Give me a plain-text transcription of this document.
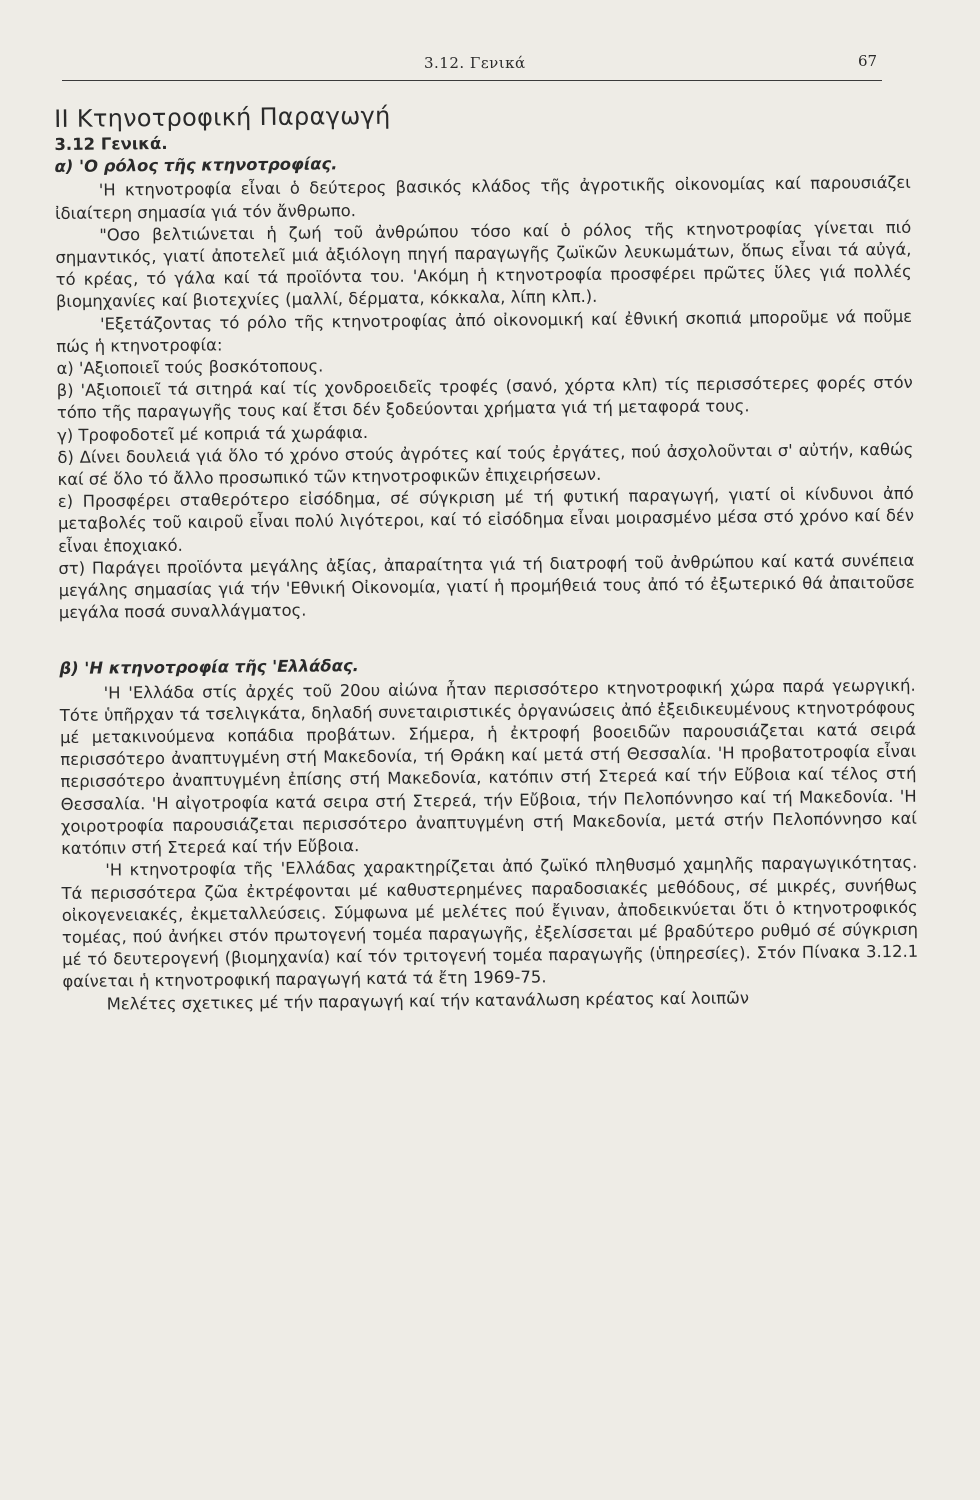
3.12. Γενικά	67

ΙΙ Κτηνοτροφική Παραγωγή

3.12 Γενικά.

α) 'Ο ρόλος τῆς κτηνοτροφίας.

'Η κτηνοτροφία εἶναι ὁ δεύτερος βασικός κλάδος τῆς ἀγροτικῆς οἰκονομίας καί παρουσιάζει ἰδιαίτερη σημασία γιά τόν ἄνθρωπο.

"Οσο βελτιώνεται ἡ ζωή τοῦ ἀνθρώπου τόσο καί ὁ ρόλος τῆς κτηνοτροφίας γίνεται πιό σημαντικός, γιατί ἀποτελεῖ μιά ἀξιόλογη πηγή παραγωγῆς ζωϊκῶν λευκωμάτων, ὅπως εἶναι τά αὐγά, τό κρέας, τό γάλα καί τά προϊόντα του. 'Ακόμη ἡ κτηνοτροφία προσφέρει πρῶτες ὕλες γιά πολλές βιομηχανίες καί βιοτεχνίες (μαλλί, δέρματα, κόκκαλα, λίπη κλπ.).

'Εξετάζοντας τό ρόλο τῆς κτηνοτροφίας ἀπό οἰκονομική καί ἐθνική σκοπιά μποροῦμε νά ποῦμε πώς ἡ κτηνοτροφία:

α) 'Αξιοποιεῖ τούς βοσκότοπους.

β) 'Αξιοποιεῖ τά σιτηρά καί τίς χονδροειδεῖς τροφές (σανό, χόρτα κλπ) τίς περισσότερες φορές στόν τόπο τῆς παραγωγῆς τους καί ἔτσι δέν ξοδεύονται χρήματα γιά τή μεταφορά τους.

γ) Τροφοδοτεῖ μέ κοπριά τά χωράφια.

δ) Δίνει δουλειά γιά ὅλο τό χρόνο στούς ἀγρότες καί τούς ἐργάτες, πού ἀσχολοῦνται σ' αὐτήν, καθώς καί σέ ὅλο τό ἄλλο προσωπικό τῶν κτηνοτροφικῶν ἐπιχειρήσεων.

ε) Προσφέρει σταθερότερο εἰσόδημα, σέ σύγκριση μέ τή φυτική παραγωγή, γιατί οἱ κίνδυνοι ἀπό μεταβολές τοῦ καιροῦ εἶναι πολύ λιγότεροι, καί τό εἰσόδημα εἶναι μοιρασμένο μέσα στό χρόνο καί δέν εἶναι ἐποχιακό.

στ) Παράγει προϊόντα μεγάλης ἀξίας, ἀπαραίτητα γιά τή διατροφή τοῦ ἀνθρώπου καί κατά συνέπεια μεγάλης σημασίας γιά τήν 'Εθνική Οἰκονομία, γιατί ἡ προμήθειά τους ἀπό τό ἐξωτερικό θά ἀπαιτοῦσε μεγάλα ποσά συναλλάγματος.

β) 'Η κτηνοτροφία τῆς 'Ελλάδας.

'Η 'Ελλάδα στίς ἀρχές τοῦ 20ου αἰώνα ἦταν περισσότερο κτηνοτροφική χώρα παρά γεωργική. Τότε ὑπῆρχαν τά τσελιγκάτα, δηλαδή συνεταιριστικές ὀργανώσεις ἀπό ἐξειδικευμένους κτηνοτρόφους μέ μετακινούμενα κοπάδια προβάτων. Σήμερα, ἡ ἐκτροφή βοοειδῶν παρουσιάζεται κατά σειρά περισσότερο ἀναπτυγμένη στή Μακεδονία, τή Θράκη καί μετά στή Θεσσαλία. 'Η προβατοτροφία εἶναι περισσότερο ἀναπτυγμένη ἐπίσης στή Μακεδονία, κατόπιν στή Στερεά καί τήν Εὔβοια καί τέλος στή Θεσσαλία. 'Η αἰγοτροφία κατά σειρα στή Στερεά, τήν Εὔβοια, τήν Πελοπόννησο καί τή Μακεδονία. 'Η χοιροτροφία παρουσιάζεται περισσότερο ἀναπτυγμένη στή Μακεδονία, μετά στήν Πελοπόννησο καί κατόπιν στή Στερεά καί τήν Εὔβοια.

'Η κτηνοτροφία τῆς 'Ελλάδας χαρακτηρίζεται ἀπό ζωϊκό πληθυσμό χαμηλῆς παραγωγικότητας. Τά περισσότερα ζῶα ἐκτρέφονται μέ καθυστερημένες παραδοσιακές μεθόδους, σέ μικρές, συνήθως οἰκογενειακές, ἐκμεταλλεύσεις. Σύμφωνα μέ μελέτες πού ἔγιναν, ἀποδεικνύεται ὅτι ὁ κτηνοτροφικός τομέας, πού ἀνήκει στόν πρωτογενή τομέα παραγωγῆς, ἐξελίσσεται μέ βραδύτερο ρυθμό σέ σύγκριση μέ τό δευτερογενή (βιομηχανία) καί τόν τριτογενή τομέα παραγωγῆς (ὑπηρεσίες). Στόν Πίνακα 3.12.1 φαίνεται ἡ κτηνοτροφική παραγωγή κατά τά ἔτη 1969-75.

Μελέτες σχετικες μέ τήν παραγωγή καί τήν κατανάλωση κρέατος καί λοιπῶν
